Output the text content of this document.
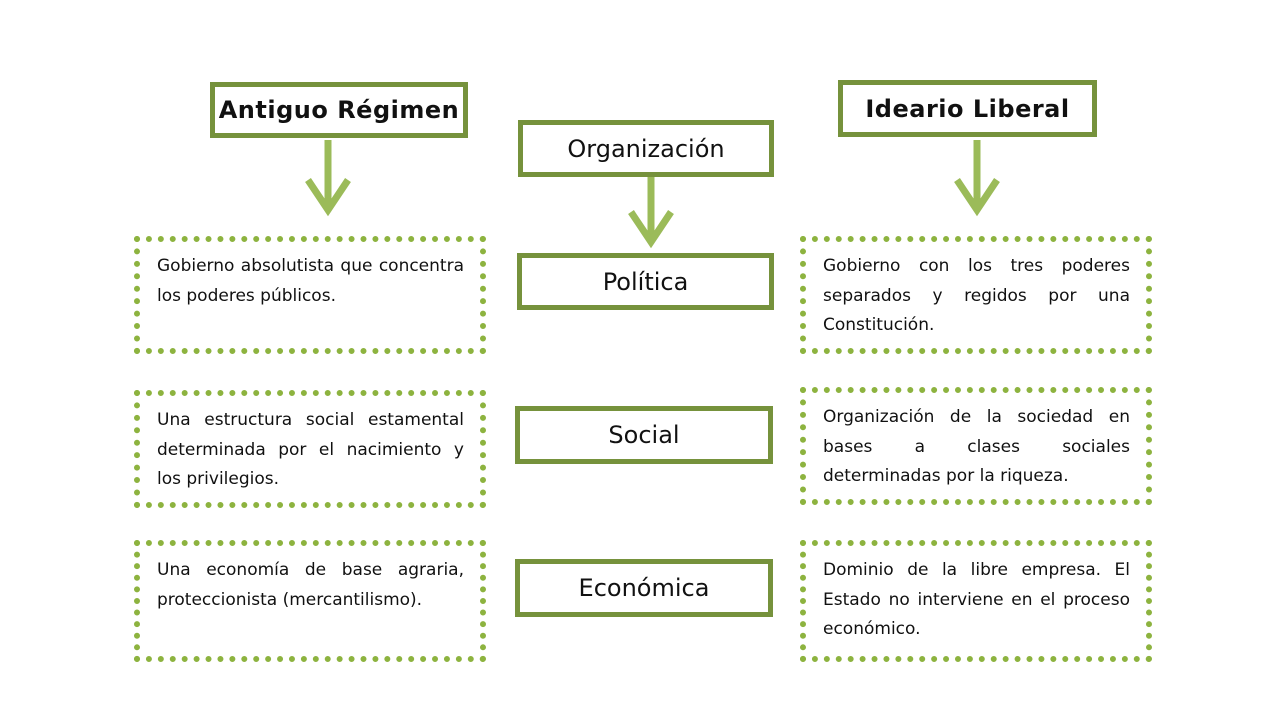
Antiguo Régimen
Organización
Ideario Liberal

Gobierno absolutista que concentra los poderes públicos.	Política

Gobierno con los tres poderes separados y regidos por una Constitución.

Una estructura social estamental determinada por el nacimiento y los privilegios.

Social

Organización de la sociedad en bases a clases sociales determinadas por la riqueza.

Una economía de base agraria, proteccionista (mercantilismo).	Económica

Dominio de la libre empresa. El Estado no interviene en el proceso económico.
